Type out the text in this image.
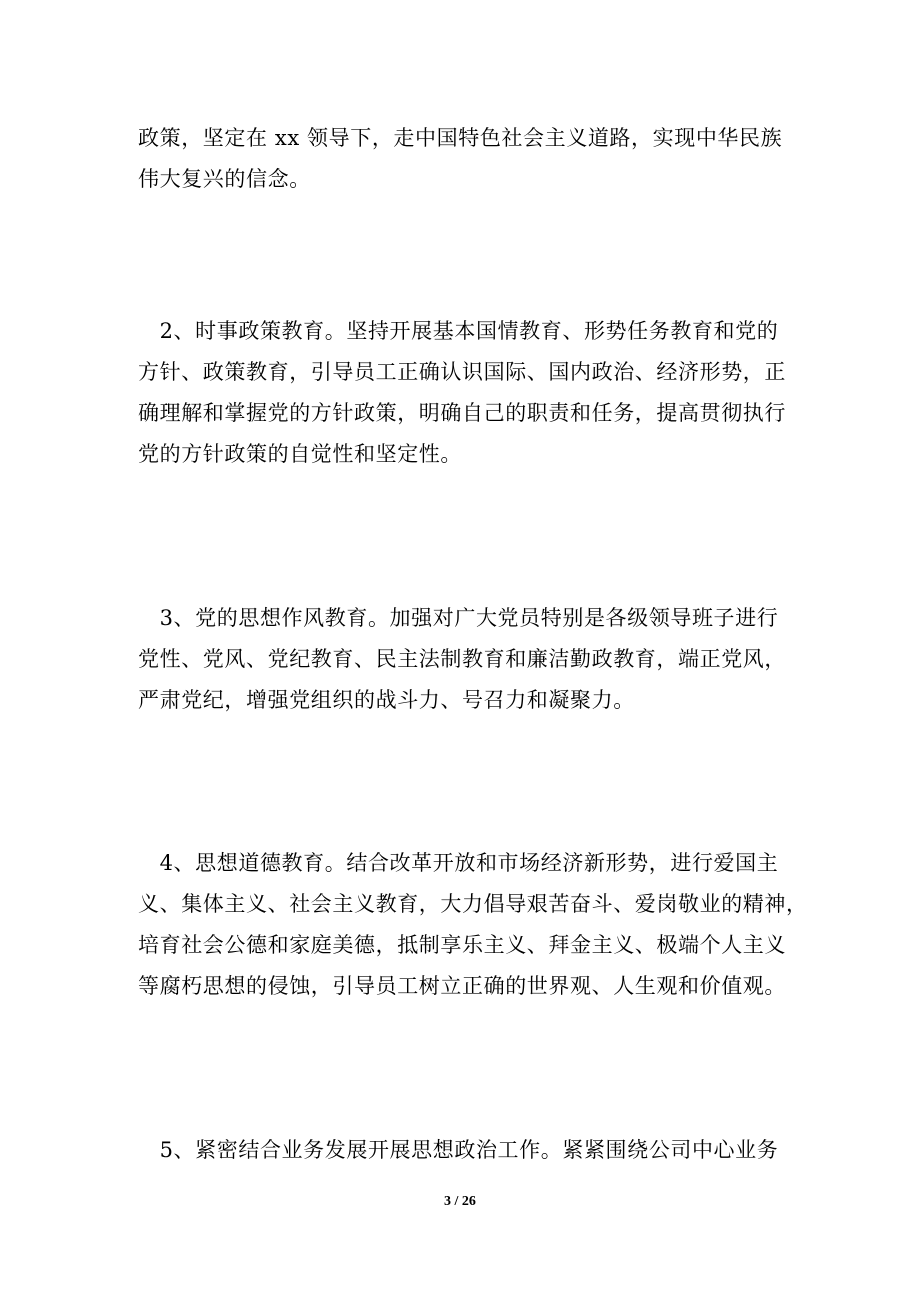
政策，坚定在 xx 领导下，走中国特色社会主义道路，实现中华民族
伟大复兴的信念。

　2、时事政策教育。坚持开展基本国情教育、形势任务教育和党的
方针、政策教育，引导员工正确认识国际、国内政治、经济形势，正
确理解和掌握党的方针政策，明确自己的职责和任务，提高贯彻执行
党的方针政策的自觉性和坚定性。

　3、党的思想作风教育。加强对广大党员特别是各级领导班子进行
党性、党风、党纪教育、民主法制教育和廉洁勤政教育，端正党风，
严肃党纪，增强党组织的战斗力、号召力和凝聚力。

　4、思想道德教育。结合改革开放和市场经济新形势，进行爱国主
义、集体主义、社会主义教育，大力倡导艰苦奋斗、爱岗敬业的精神，
培育社会公德和家庭美德，抵制享乐主义、拜金主义、极端个人主义
等腐朽思想的侵蚀，引导员工树立正确的世界观、人生观和价值观。

　5、紧密结合业务发展开展思想政治工作。紧紧围绕公司中心业务

3 / 26
